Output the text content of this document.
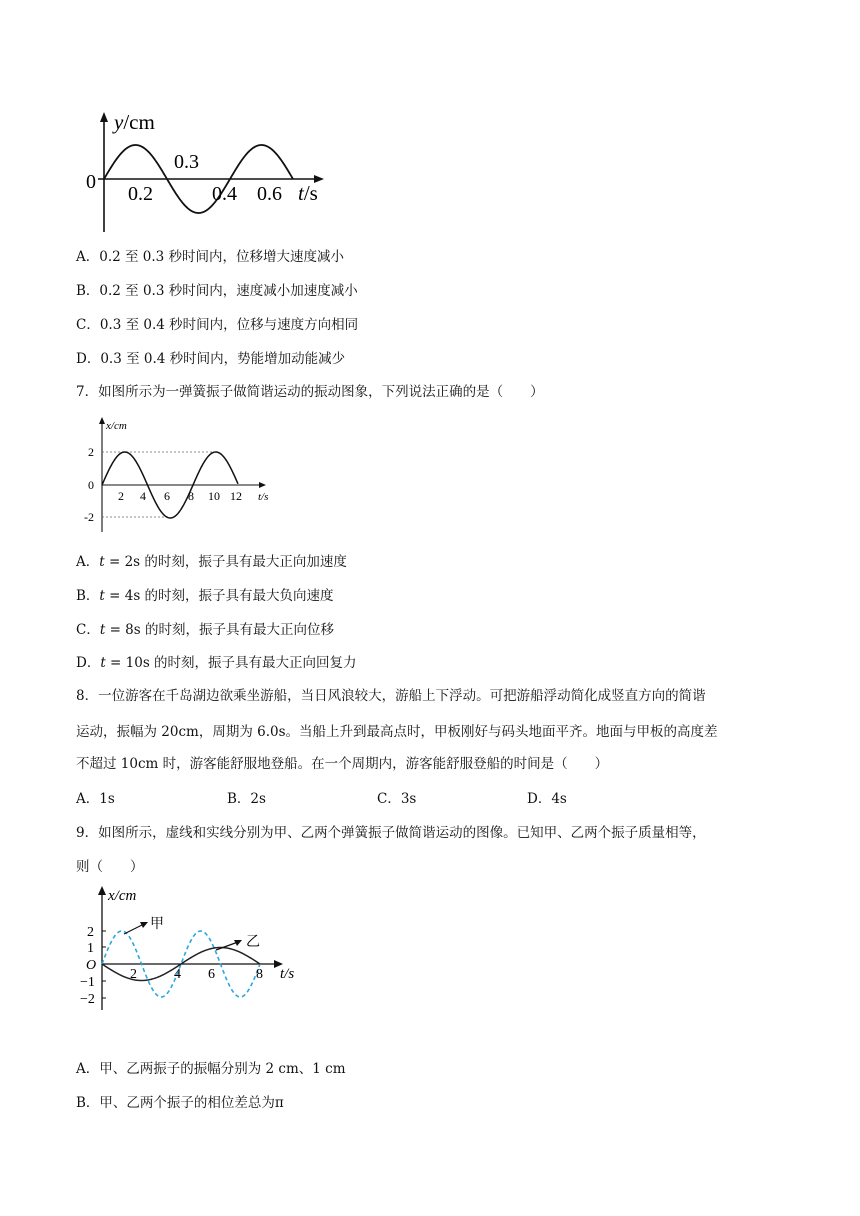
y/cm
0
0.2
0.3
0.4 0.6 t/s
A．0.2 至 0.3 秒时间内，位移增大速度减小
B．0.2 至 0.3 秒时间内，速度减小加速度减小
C．0.3 至 0.4 秒时间内，位移与速度方向相同
D．0.3 至 0.4 秒时间内，势能增加动能减少
7．如图所示为一弹簧振子做简谐运动的振动图象，下列说法正确的是（　　）
x/cm
2
0
-2
2 4 6 8 10 12 t/s
A．t = 2s 的时刻，振子具有最大正向加速度
B．t = 4s 的时刻，振子具有最大负向速度
C．t = 8s 的时刻，振子具有最大正向位移
D．t = 10s 的时刻，振子具有最大正向回复力
8．一位游客在千岛湖边欲乘坐游船，当日风浪较大，游船上下浮动。可把游船浮动简化成竖直方向的简谐
运动，振幅为 20cm，周期为 6.0s。当船上升到最高点时，甲板刚好与码头地面平齐。地面与甲板的高度差
不超过 10cm 时，游客能舒服地登船。在一个周期内，游客能舒服登船的时间是（　　）
A．1s	B．2s	C．3s	D．4s
9．如图所示，虚线和实线分别为甲、乙两个弹簧振子做简谐运动的图像。已知甲、乙两个振子质量相等，
则（　　）
甲
乙
x/cm
2
1
O
−1
−2
2	4 6	8 t/s
A．甲、乙两振子的振幅分别为 2 cm、1 cm
B．甲、乙两个振子的相位差总为π
